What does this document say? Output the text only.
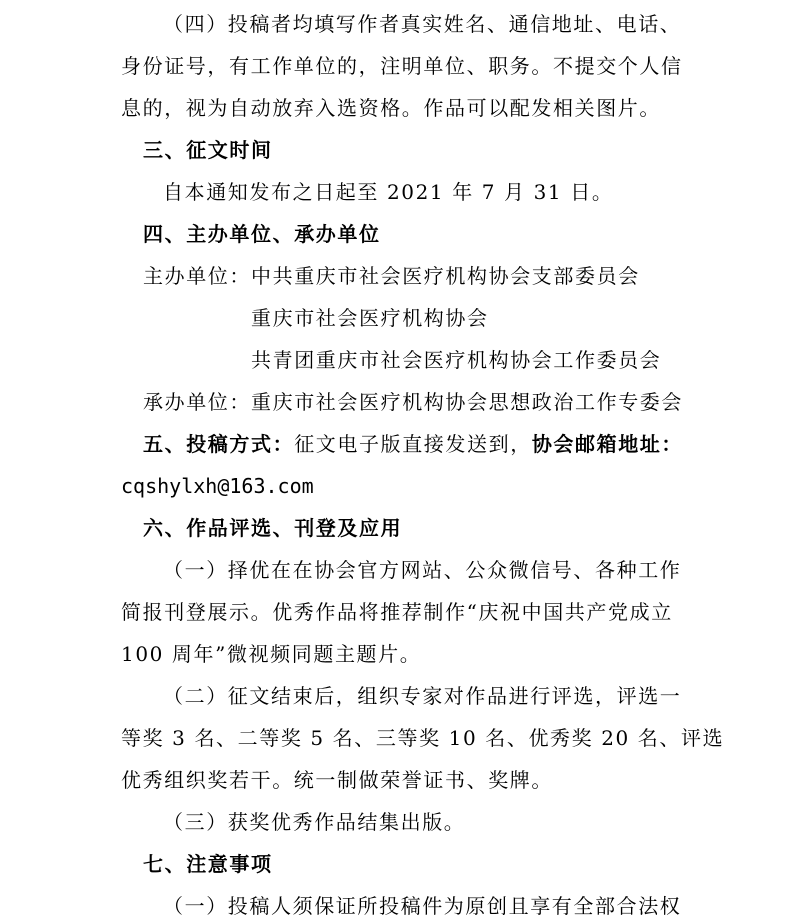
（四）投稿者均填写作者真实姓名、通信地址、电话、
身份证号，有工作单位的，注明单位、职务。不提交个人信
息的，视为自动放弃入选资格。作品可以配发相关图片。
三、征文时间
自本通知发布之日起至 2021 年 7 月 31 日。
四、主办单位、承办单位
主办单位： 中共重庆市社会医疗机构协会支部委员会
重庆市社会医疗机构协会
共青团重庆市社会医疗机构协会工作委员会
承办单位： 重庆市社会医疗机构协会思想政治工作专委会
五、投稿方式：征文电子版直接发送到，协会邮箱地址：
cqshylxh@163.com
六、作品评选、刊登及应用
（一）择优在在协会官方网站、公众微信号、各种工作
简报刊登展示。优秀作品将推荐制作“庆祝中国共产党成立
100 周年”微视频同题主题片。
（二）征文结束后，组织专家对作品进行评选，评选一
等奖 3 名、二等奖 5 名、三等奖 10 名、优秀奖 20 名、评选
优秀组织奖若干。统一制做荣誉证书、奖牌。
（三）获奖优秀作品结集出版。
七、注意事项
（一）投稿人须保证所投稿件为原创且享有全部合法权
